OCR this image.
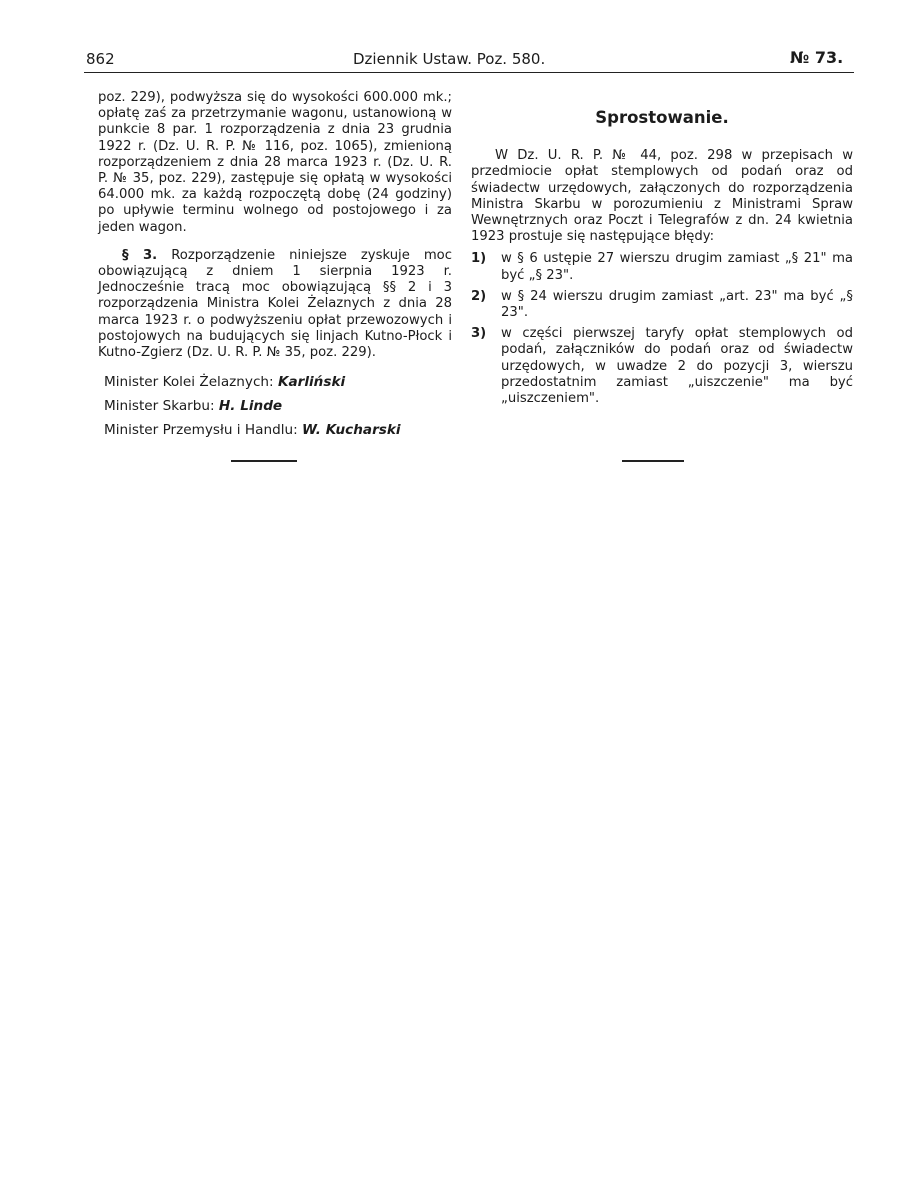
862	Dziennik Ustaw. Poz. 580.	№ 73.

poz. 229), podwyższa się do wysokości 600.000 mk.; opłatę zaś za przetrzymanie wagonu, ustanowioną w punkcie 8 par. 1 rozporządzenia z dnia 23 grudnia 1922 r. (Dz. U. R. P. № 116, poz. 1065), zmienioną rozporządzeniem z dnia 28 marca 1923 r. (Dz. U. R. P. № 35, poz. 229), zastępuje się opłatą w wysokości 64.000 mk. za każdą rozpoczętą dobę (24 godziny) po upływie terminu wolnego od postojowego i za jeden wagon.

§ 3. Rozporządzenie niniejsze zyskuje moc obowiązującą z dniem 1 sierpnia 1923 r. Jednocześnie tracą moc obowiązującą §§ 2 i 3 rozporządzenia Ministra Kolei Żelaznych z dnia 28 marca 1923 r. o podwyższeniu opłat przewozowych i postojowych na budujących się linjach Kutno-Płock i Kutno-Zgierz (Dz. U. R. P. № 35, poz. 229).

Minister Kolei Żelaznych: Karliński
Minister Skarbu: H. Linde
Minister Przemysłu i Handlu: W. Kucharski
Sprostowanie.

W Dz. U. R. P. № 44, poz. 298 w przepisach w przedmiocie opłat stemplowych od podań oraz od świadectw urzędowych, załączonych do rozporządzenia Ministra Skarbu w porozumieniu z Ministrami Spraw Wewnętrznych oraz Poczt i Telegrafów z dn. 24 kwietnia 1923 prostuje się następujące błędy:

1) w § 6 ustępie 27 wierszu drugim zamiast „§ 21" ma być „§ 23".
2) w § 24 wierszu drugim zamiast „art. 23" ma być „§ 23".
3) w części pierwszej taryfy opłat stemplowych od podań, załączników do podań oraz od świadectw urzędowych, w uwadze 2 do pozycji 3, wierszu przedostatnim zamiast „uiszczenie" ma być „uiszczeniem".
